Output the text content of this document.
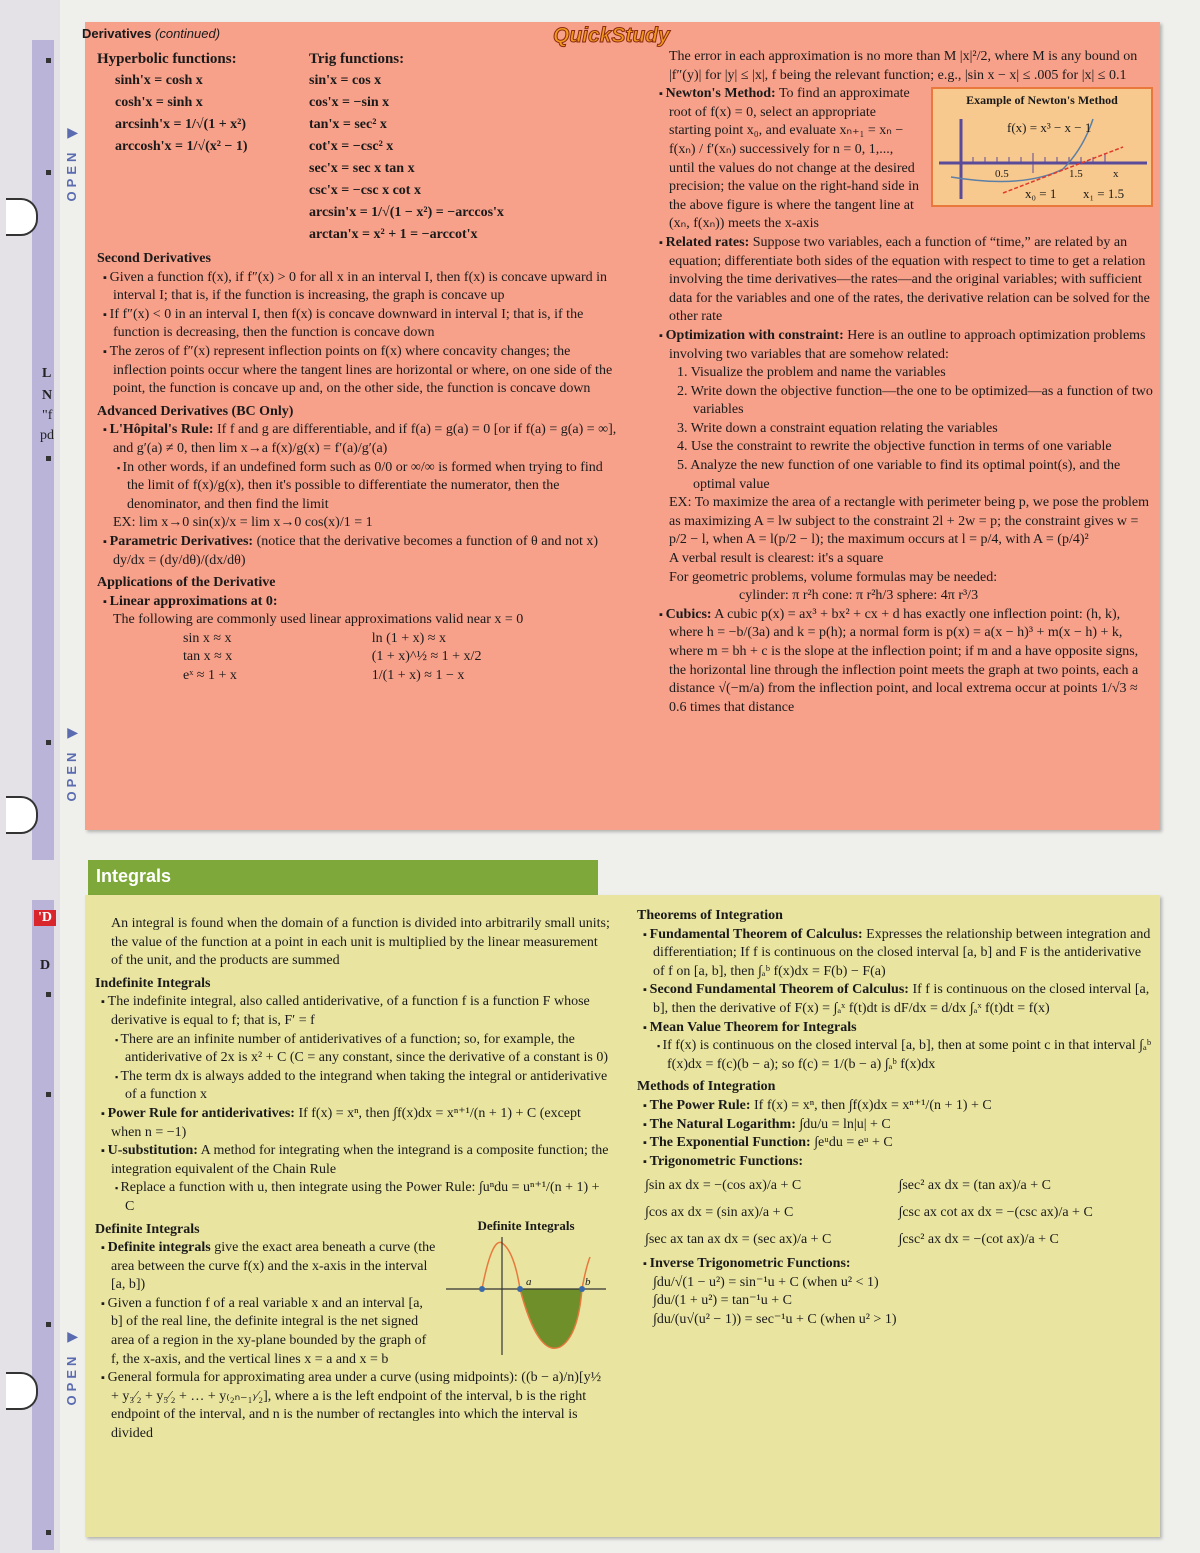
L
N
"f
pd
'D
D
OPEN ◀
OPEN ◀
OPEN ◀
Derivatives (continued)	QuickStudy
Hyperbolic functions:
sinh'x = cosh x
cosh'x = sinh x
arcsinh'x = 1/√(1 + x²)
arccosh'x = 1/√(x² − 1)
Trig functions:
sin'x = cos x
cos'x = −sin x
tan'x = sec² x
cot'x = −csc² x
sec'x = sec x tan x
csc'x = −csc x cot x
arcsin'x = 1/√(1 − x²) = −arccos'x
arctan'x = x² + 1 = −arccot'x
Second Derivatives
▪ Given a function f(x), if f″(x) > 0 for all x in an interval I, then f(x) is concave upward in interval I; that is, if the function is increasing, the graph is concave up
▪ If f″(x) < 0 in an interval I, then f(x) is concave downward in interval I; that is, if the function is decreasing, then the function is concave down
▪ The zeros of f″(x) represent inflection points on f(x) where concavity changes; the inflection points occur where the tangent lines are horizontal or where, on one side of the point, the function is concave up and, on the other side, the function is concave down
Advanced Derivatives (BC Only)
▪ L'Hôpital's Rule: If f and g are differentiable, and if f(a) = g(a) = 0 [or if f(a) = g(a) = ∞], and g′(a) ≠ 0, then lim x→a f(x)/g(x) = f′(a)/g′(a)
▪ In other words, if an undefined form such as 0/0 or ∞/∞ is formed when trying to find the limit of f(x)/g(x), then it's possible to differentiate the numerator, then the denominator, and then find the limit
EX: lim x→0 sin(x)/x = lim x→0 cos(x)/1 = 1
▪ Parametric Derivatives: (notice that the derivative becomes a function of θ and not x) dy/dx = (dy/dθ)/(dx/dθ)
Applications of the Derivative
▪ Linear approximations at 0:
The following are commonly used linear approximations valid near x = 0
sin x ≈ x	ln (1 + x) ≈ x
tan x ≈ x	(1 + x)^½ ≈ 1 + x/2
eˣ ≈ 1 + x	1/(1 + x) ≈ 1 − x
The error in each approximation is no more than M |x|²/2, where M is any bound on |f″(y)| for |y| ≤ |x|, f being the relevant function; e.g., |sin x − x| ≤ .005 for |x| ≤ 0.1
Example of Newton's Method
f(x) = x³ − x − 1
0.5	1.5	x
x₀ = 1 x₁ = 1.5
▪ Newton's Method: To find an approximate root of f(x) = 0, select an appropriate starting point x₀, and evaluate xₙ₊₁ = xₙ − f(xₙ) / f′(xₙ) successively for n = 0, 1,..., until the values do not change at the desired precision; the value on the right-hand side in the above figure is where the tangent line at (xₙ, f(xₙ)) meets the x-axis
▪ Related rates: Suppose two variables, each a function of “time,” are related by an equation; differentiate both sides of the equation with respect to time to get a relation involving the time derivatives—the rates—and the original variables; with sufficient data for the variables and one of the rates, the derivative relation can be solved for the other rate
▪ Optimization with constraint: Here is an outline to approach optimization problems involving two variables that are somehow related:
1. Visualize the problem and name the variables
2. Write down the objective function—the one to be optimized—as a function of two variables
3. Write down a constraint equation relating the variables
4. Use the constraint to rewrite the objective function in terms of one variable
5. Analyze the new function of one variable to find its optimal point(s), and the optimal value
EX: To maximize the area of a rectangle with perimeter being p, we pose the problem as maximizing A = lw subject to the constraint 2l + 2w = p; the constraint gives w = p/2 − l, when A = l(p/2 − l); the maximum occurs at l = p/4, with A = (p/4)²
A verbal result is clearest: it's a square
For geometric problems, volume formulas may be needed:
cylinder: π r²h cone: π r²h/3 sphere: 4π r³/3
▪ Cubics: A cubic p(x) = ax³ + bx² + cx + d has exactly one inflection point: (h, k), where h = −b/(3a) and k = p(h); a normal form is p(x) = a(x − h)³ + m(x − h) + k, where m = bh + c is the slope at the inflection point; if m and a have opposite signs, the horizontal line through the inflection point meets the graph at two points, each a distance √(−m/a) from the inflection point, and local extrema occur at points 1/√3 ≈ 0.6 times that distance
Integrals
An integral is found when the domain of a function is divided into arbitrarily small units; the value of the function at a point in each unit is multiplied by the linear measurement of the unit, and the products are summed
Indefinite Integrals
▪ The indefinite integral, also called antiderivative, of a function f is a function F whose derivative is equal to f; that is, F′ = f
▪ There are an infinite number of antiderivatives of a function; so, for example, the antiderivative of 2x is x² + C (C = any constant, since the derivative of a constant is 0)
▪ The term dx is always added to the integrand when taking the integral or antiderivative of a function x
▪ Power Rule for antiderivatives: If f(x) = xⁿ, then ∫f(x)dx = xⁿ⁺¹/(n + 1) + C (except when n = −1)
▪ U-substitution: A method for integrating when the integrand is a composite function; the integration equivalent of the Chain Rule
▪ Replace a function with u, then integrate using the Power Rule: ∫uⁿdu = uⁿ⁺¹/(n + 1) + C
Definite Integrals
a	b
Definite Integrals
▪ Definite integrals give the exact area beneath a curve (the area between the curve f(x) and the x-axis in the interval [a, b])
▪ Given a function f of a real variable x and an interval [a, b] of the real line, the definite integral is the net signed area of a region in the xy-plane bounded by the graph of f, the x-axis, and the vertical lines x = a and x = b
▪ General formula for approximating area under a curve (using midpoints): ((b − a)/n)[y½ + y₃⁄₂ + y₅⁄₂ + … + y₍₂ₙ₋₁₎⁄₂], where a is the left endpoint of the interval, b is the right endpoint of the interval, and n is the number of rectangles into which the interval is divided
Theorems of Integration
▪ Fundamental Theorem of Calculus: Expresses the relationship between integration and differentiation; If f is continuous on the closed interval [a, b] and F is the antiderivative of f on [a, b], then ∫ₐᵇ f(x)dx = F(b) − F(a)
▪ Second Fundamental Theorem of Calculus: If f is continuous on the closed interval [a, b], then the derivative of F(x) = ∫ₐˣ f(t)dt is dF/dx = d/dx ∫ₐˣ f(t)dt = f(x)
▪ Mean Value Theorem for Integrals
▪ If f(x) is continuous on the closed interval [a, b], then at some point c in that interval ∫ₐᵇ f(x)dx = f(c)(b − a); so f(c) = 1/(b − a) ∫ₐᵇ f(x)dx
Methods of Integration
▪ The Power Rule: If f(x) = xⁿ, then ∫f(x)dx = xⁿ⁺¹/(n + 1) + C
▪ The Natural Logarithm: ∫du/u = ln|u| + C
▪ The Exponential Function: ∫eᵘdu = eᵘ + C
▪ Trigonometric Functions:
∫sin ax dx = −(cos ax)/a + C	∫sec² ax dx = (tan ax)/a + C
∫cos ax dx = (sin ax)/a + C	∫csc ax cot ax dx = −(csc ax)/a + C
∫sec ax tan ax dx = (sec ax)/a + C	∫csc² ax dx = −(cot ax)/a + C
▪ Inverse Trigonometric Functions:
∫du/√(1 − u²) = sin⁻¹u + C (when u² < 1)
∫du/(1 + u²) = tan⁻¹u + C
∫du/(u√(u² − 1)) = sec⁻¹u + C (when u² > 1)
